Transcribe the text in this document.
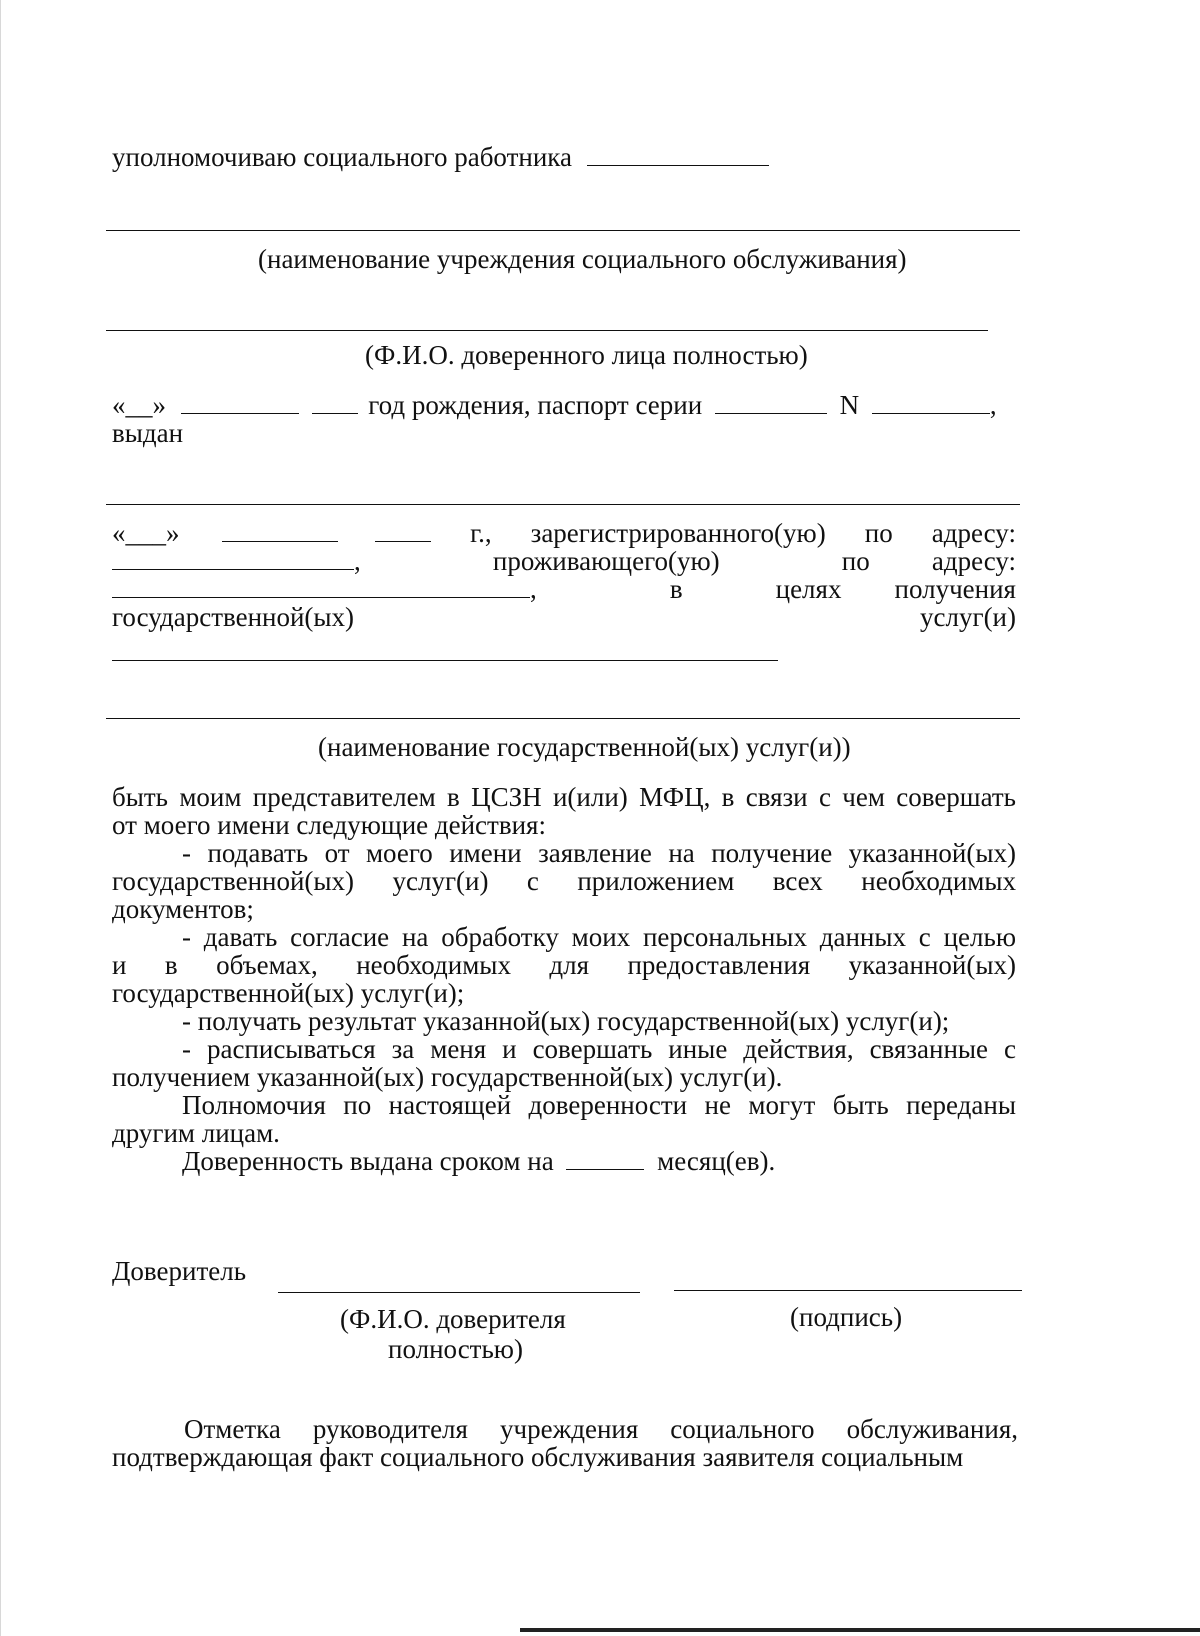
уполномочиваю социального работника
(наименование учреждения социального обслуживания)
(Ф.И.О. доверенного лица полностью)
«__»	год рождения, паспорт серии	N	,
выдан
«___»	г., зарегистрированного(ую) по адресу:
,	проживающего(ую)	по адресу:
,	в	целях получения
государственной(ых)	услуг(и)
(наименование государственной(ых) услуг(и))
быть моим представителем в ЦСЗН и(или) МФЦ, в связи с чем совершать
от моего имени следующие действия:
- подавать от моего имени заявление на получение указанной(ых)
государственной(ых) услуг(и) с приложением всех необходимых
документов;
- давать согласие на обработку моих персональных данных с целью
и в объемах, необходимых для предоставления указанной(ых)
государственной(ых) услуг(и);
- получать результат указанной(ых) государственной(ых) услуг(и);
- расписываться за меня и совершать иные действия, связанные с
получением указанной(ых) государственной(ых) услуг(и).
Полномочия по настоящей доверенности не могут быть переданы
другим лицам.
Доверенность выдана сроком на	месяц(ев).
Доверитель
(Ф.И.О. доверителя
полностью)
(подпись)
Отметка руководителя учреждения социального обслуживания,
подтверждающая факт социального обслуживания заявителя социальным
